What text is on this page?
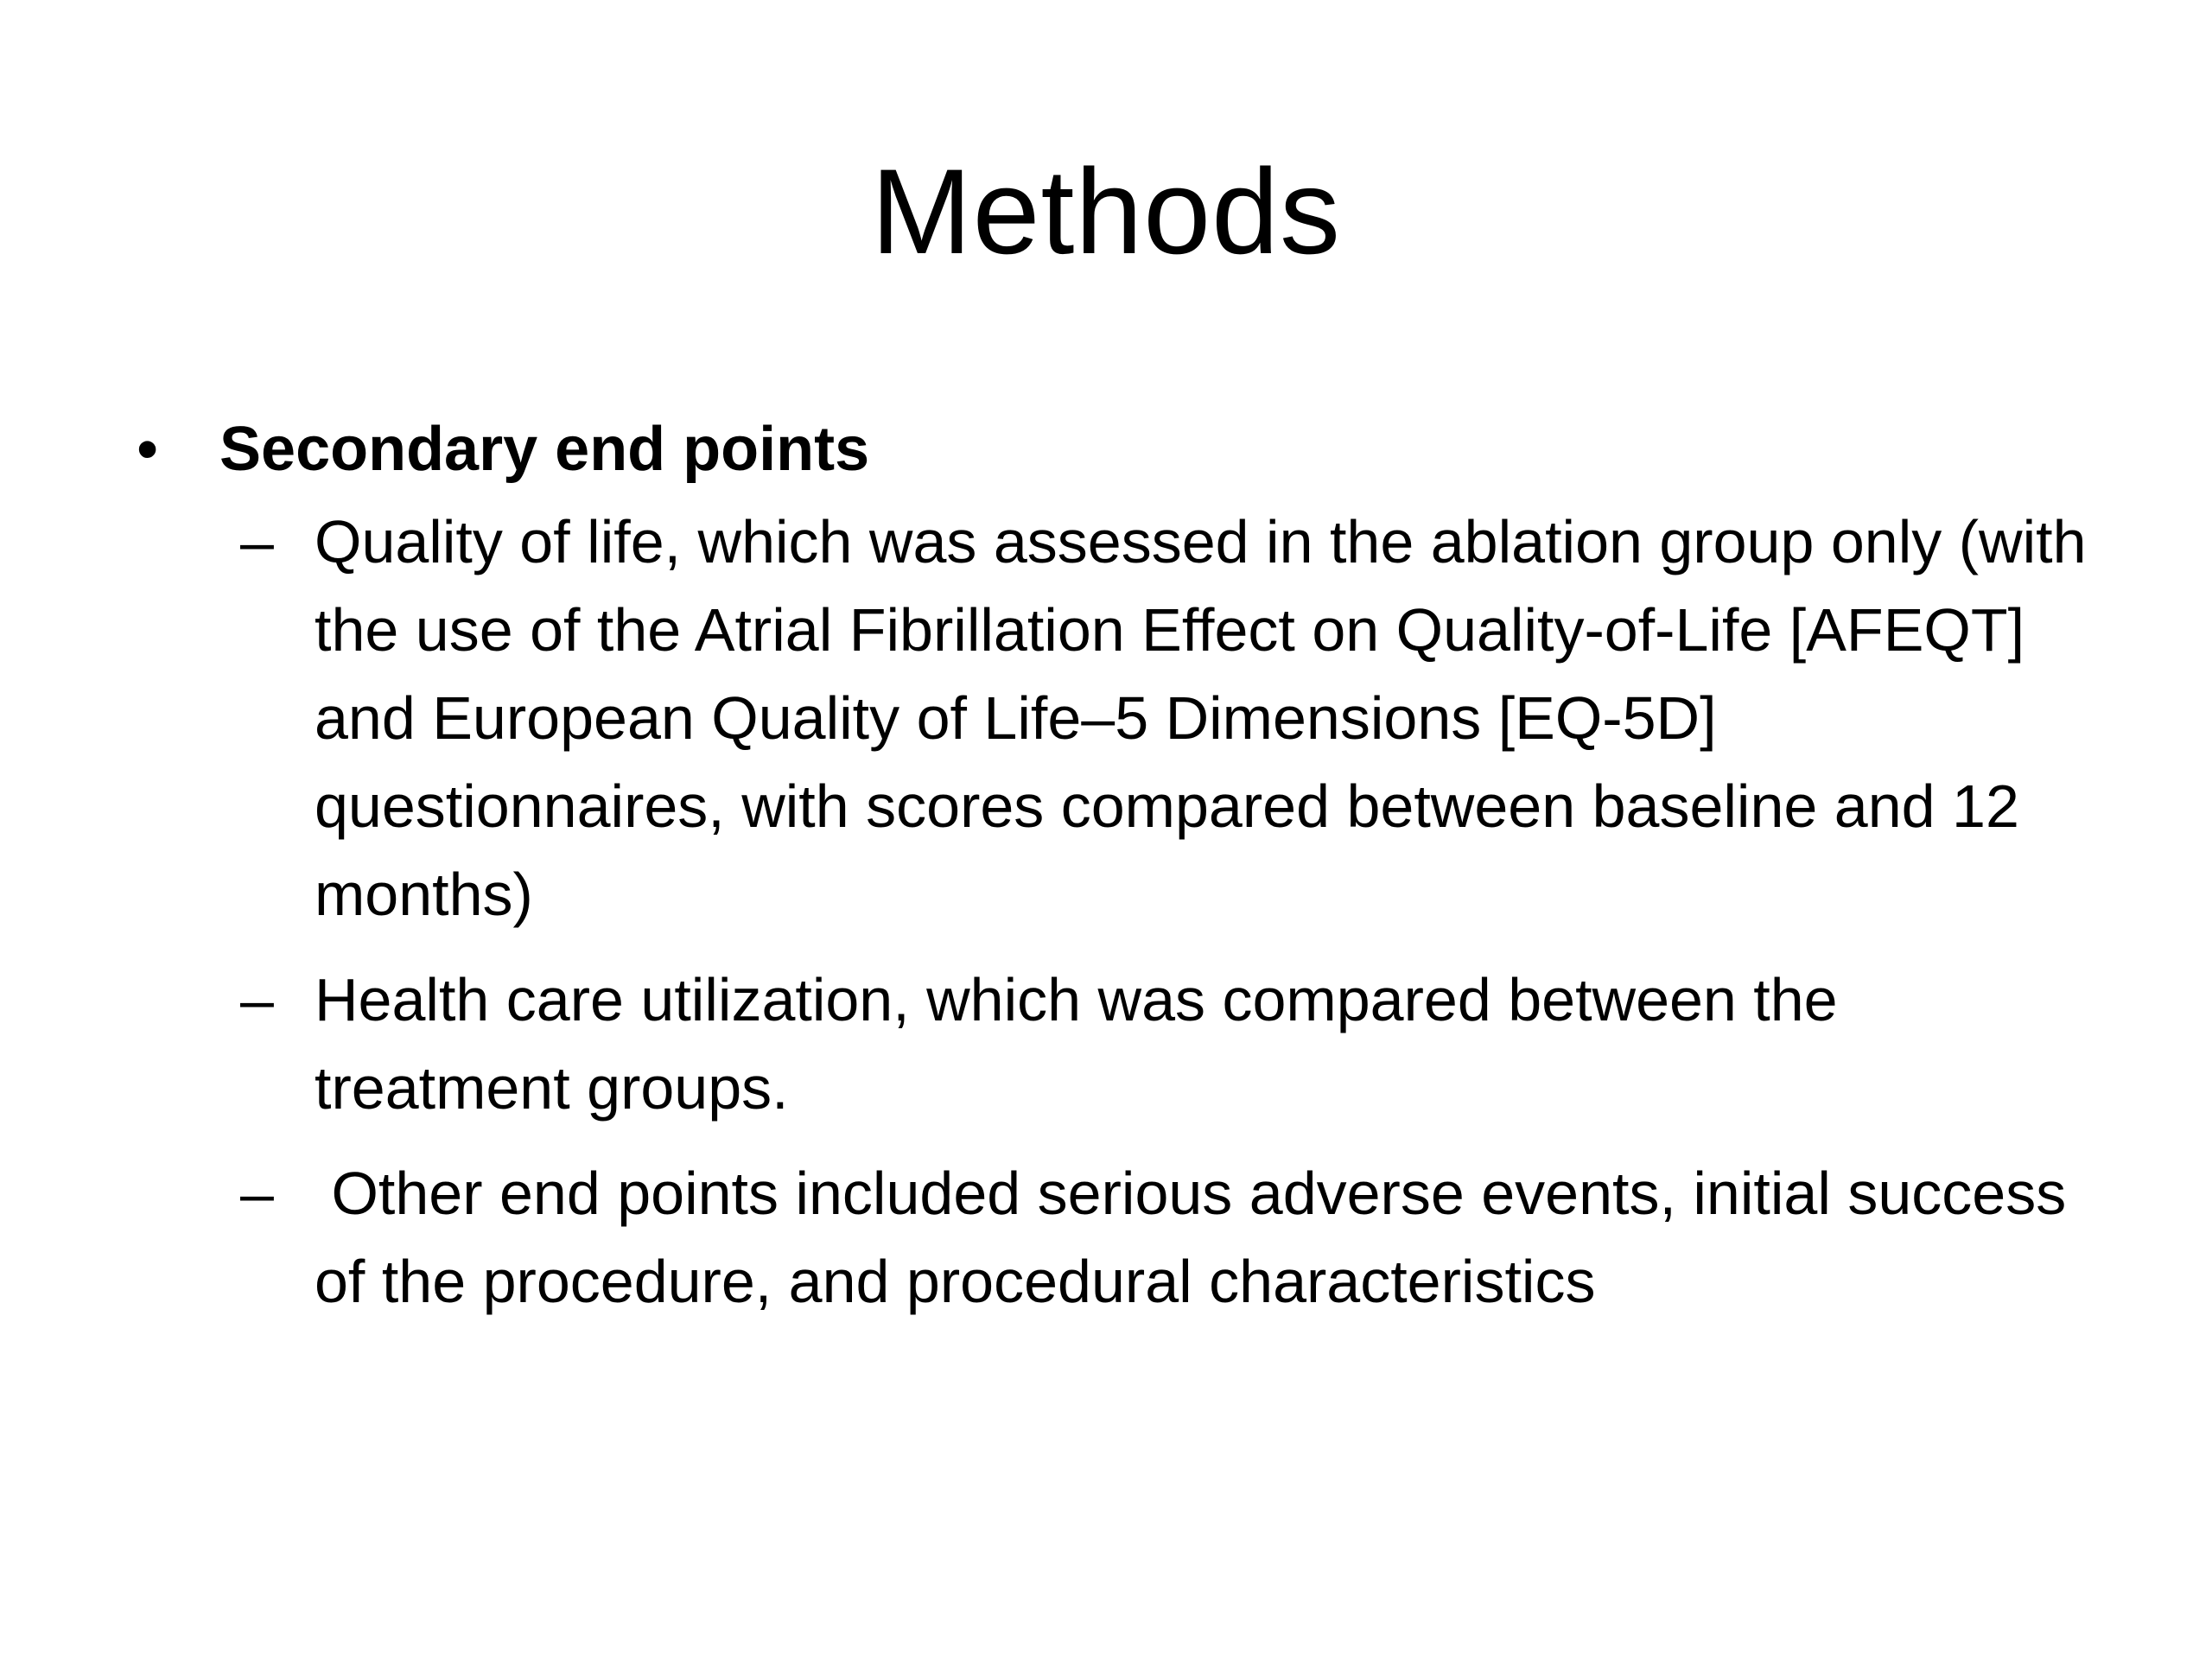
Methods
• Secondary end points
– Quality of life, which was assessed in the ablation group only (with the use of the Atrial Fibrillation Effect on Quality-of-Life [AFEQT] and European Quality of Life–5 Dimensions [EQ-5D] questionnaires, with scores compared between baseline and 12 months)
– Health care utilization, which was compared between the treatment groups.
– Other end points included serious adverse events, initial success of the procedure, and procedural characteristics
